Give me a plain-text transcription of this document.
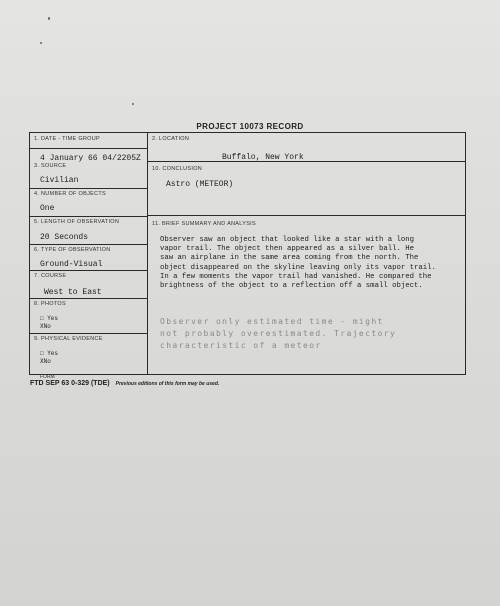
PROJECT 10073 RECORD
1. DATE - TIME GROUP
4 January 66 04/2205Z
2. LOCATION
Buffalo, New York
3. SOURCE
Civilian
10. CONCLUSION
Astro (METEOR)
4. NUMBER OF OBJECTS
One
5. LENGTH OF OBSERVATION
20 Seconds
6. TYPE OF OBSERVATION
Ground-Visual
7. COURSE
West to East
8. PHOTOS
□ Yes
XNo
9. PHYSICAL EVIDENCE
□ Yes
XNo
11. BRIEF SUMMARY AND ANALYSIS
Observer saw an object that looked like a star with a long
vapor trail. The object then appeared as a silver ball. He
saw an airplane in the same area coming from the north. The
object disappeared on the skyline leaving only its vapor trail.
In a few moments the vapor trail had vanished. He compared the
brightness of the object to a reflection off a small object.
Observer only estimated time - might
not probably overestimated. Trajectory
characteristic of a meteor
FORM
FTD SEP 63 0-329 (TDE) Previous editions of this form may be used.
